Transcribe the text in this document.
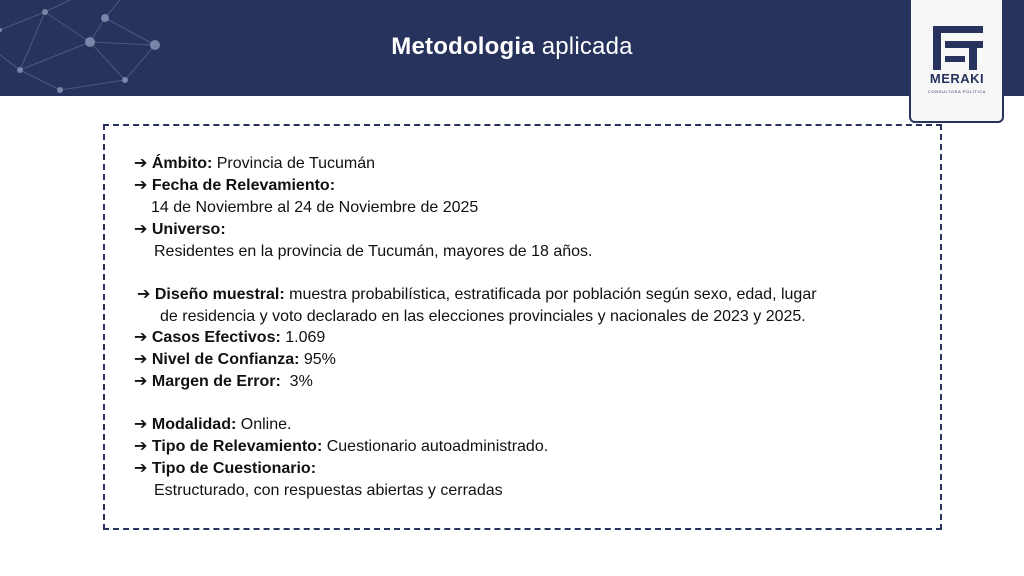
Metodologia aplicada
MERAKI
CONSULTORA POLÍTICA
➔ Ámbito: Provincia de Tucumán
➔ Fecha de Relevamiento:
14 de Noviembre al 24 de Noviembre de 2025
➔ Universo:
Residentes en la provincia de Tucumán, mayores de 18 años.
➔ Diseño muestral: muestra probabilística, estratificada por población según sexo, edad, lugar
de residencia y voto declarado en las elecciones provinciales y nacionales de 2023 y 2025.
➔ Casos Efectivos: 1.069
➔ Nivel de Confianza: 95%
➔ Margen de Error:  3%
➔ Modalidad: Online.
➔ Tipo de Relevamiento: Cuestionario autoadministrado.
➔ Tipo de Cuestionario:
Estructurado, con respuestas abiertas y cerradas
